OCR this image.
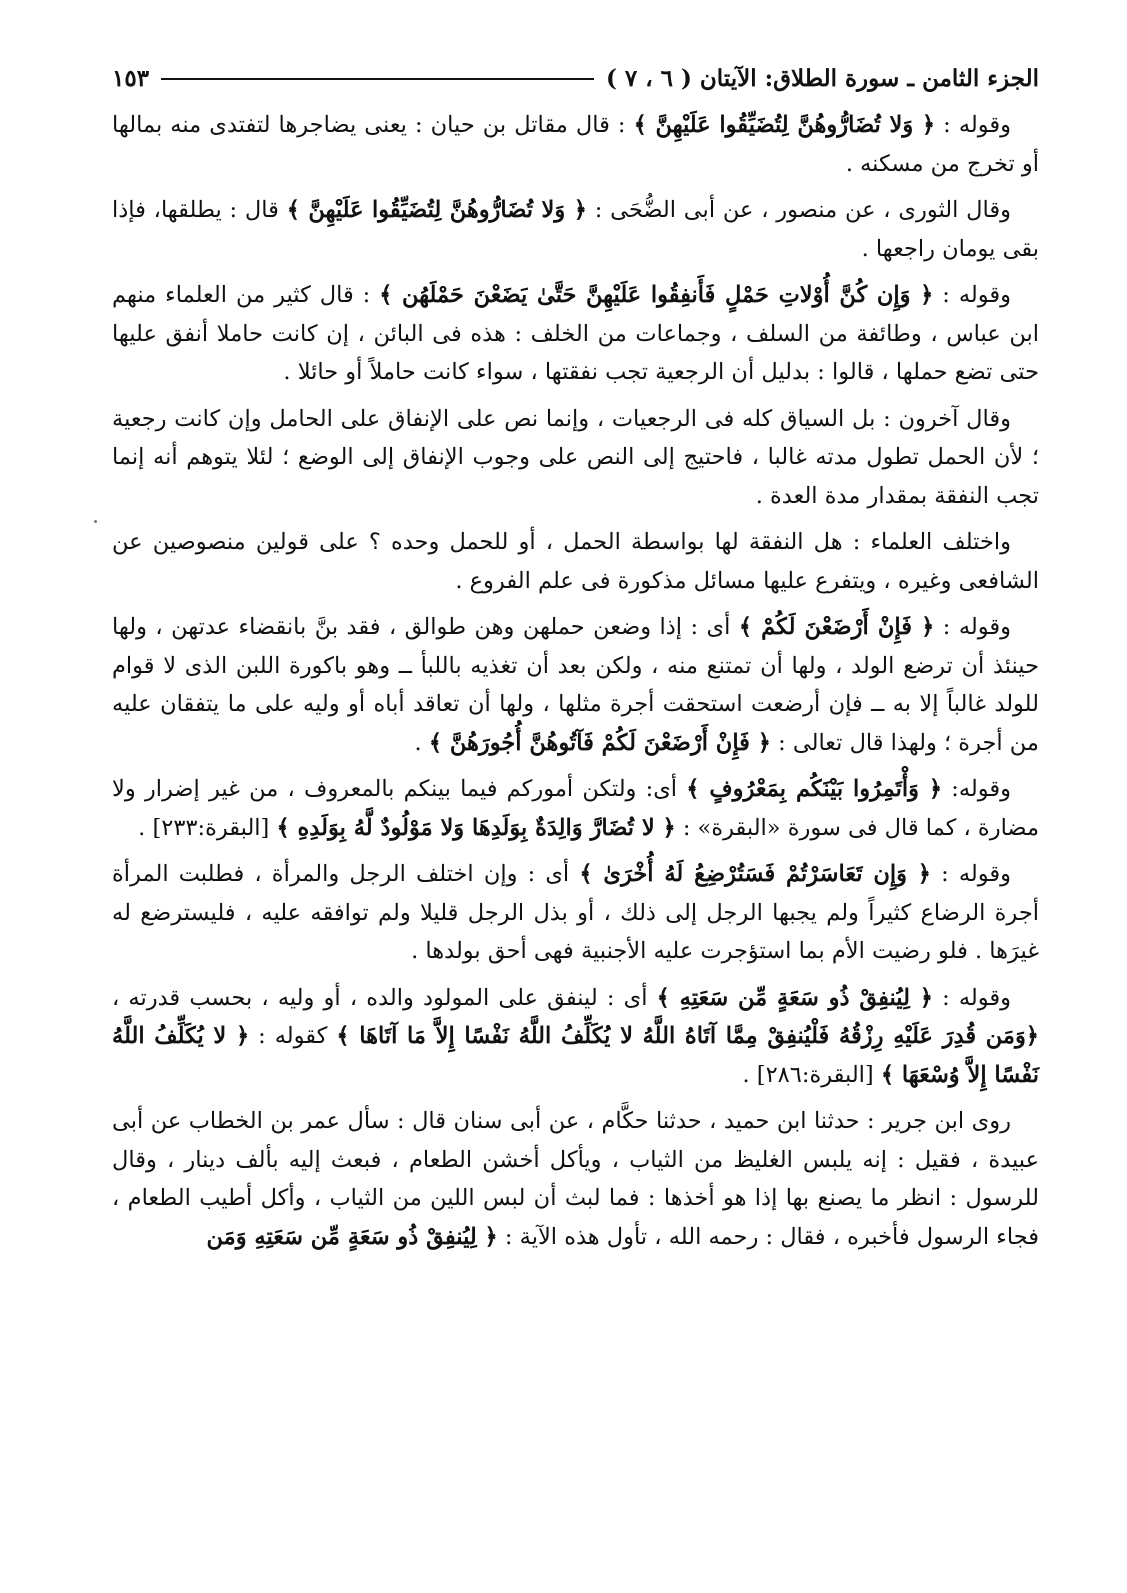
الجزء الثامن ـ سورة الطلاق: الآيتان ( ٦ ، ٧ )
١٥٣

وقوله : ﴿ وَلا تُضَارُّوهُنَّ لِتُضَيِّقُوا عَلَيْهِنَّ ﴾ : قال مقاتل بن حيان : يعنى يضاجرها لتفتدى منه بمالها أو تخرج من مسكنه .

وقال الثورى ، عن منصور ، عن أبى الضُّحَى : ﴿ وَلا تُضَارُّوهُنَّ لِتُضَيِّقُوا عَلَيْهِنَّ ﴾ قال : يطلقها، فإذا بقى يومان راجعها .

وقوله : ﴿ وَإِن كُنَّ أُوْلاتِ حَمْلٍ فَأَنفِقُوا عَلَيْهِنَّ حَتَّىٰ يَضَعْنَ حَمْلَهُن ﴾ : قال كثير من العلماء منهم ابن عباس ، وطائفة من السلف ، وجماعات من الخلف : هذه فى البائن ، إن كانت حاملا أنفق عليها حتى تضع حملها ، قالوا : بدليل أن الرجعية تجب نفقتها ، سواء كانت حاملاً أو حائلا .

وقال آخرون : بل السياق كله فى الرجعيات ، وإنما نص على الإنفاق على الحامل وإن كانت رجعية ؛ لأن الحمل تطول مدته غالبا ، فاحتيج إلى النص على وجوب الإنفاق إلى الوضع ؛ لئلا يتوهم أنه إنما تجب النفقة بمقدار مدة العدة .

واختلف العلماء : هل النفقة لها بواسطة الحمل ، أو للحمل وحده ؟ على قولين منصوصين عن الشافعى وغيره ، ويتفرع عليها مسائل مذكورة فى علم الفروع .

وقوله : ﴿ فَإِنْ أَرْضَعْنَ لَكُمْ ﴾ أى : إذا وضعن حملهن وهن طوالق ، فقد بنَّ بانقضاء عدتهن ، ولها حينئذ أن ترضع الولد ، ولها أن تمتنع منه ، ولكن بعد أن تغذيه باللبأ ــ وهو باكورة اللبن الذى لا قوام للولد غالباً إلا به ــ فإن أرضعت استحقت أجرة مثلها ، ولها أن تعاقد أباه أو وليه على ما يتفقان عليه من أجرة ؛ ولهذا قال تعالى : ﴿ فَإِنْ أَرْضَعْنَ لَكُمْ فَآتُوهُنَّ أُجُورَهُنَّ ﴾ .

وقوله: ﴿ وَأْتَمِرُوا بَيْنَكُم بِمَعْرُوفٍ ﴾ أى: ولتكن أموركم فيما بينكم بالمعروف ، من غير إضرار ولا مضارة ، كما قال فى سورة «البقرة» : ﴿ لا تُضَارَّ وَالِدَةٌ بِوَلَدِهَا وَلا مَوْلُودٌ لَّهُ بِوَلَدِهِ ﴾ [البقرة:٢٣٣] .

وقوله : ﴿ وَإِن تَعَاسَرْتُمْ فَسَتُرْضِعُ لَهُ أُخْرَىٰ ﴾ أى : وإن اختلف الرجل والمرأة ، فطلبت المرأة أجرة الرضاع كثيراً ولم يجبها الرجل إلى ذلك ، أو بذل الرجل قليلا ولم توافقه عليه ، فليسترضع له غيرَها . فلو رضيت الأم بما استؤجرت عليه الأجنبية فهى أحق بولدها .

وقوله : ﴿ لِيُنفِقْ ذُو سَعَةٍ مِّن سَعَتِهِ ﴾ أى : لينفق على المولود والده ، أو وليه ، بحسب قدرته ، ﴿وَمَن قُدِرَ عَلَيْهِ رِزْقُهُ فَلْيُنفِقْ مِمَّا آتَاهُ اللَّهُ لا يُكَلِّفُ اللَّهُ نَفْسًا إِلاَّ مَا آتَاهَا ﴾ كقوله : ﴿ لا يُكَلِّفُ اللَّهُ نَفْسًا إِلاَّ وُسْعَهَا ﴾ [البقرة:٢٨٦] .

روى ابن جرير : حدثنا ابن حميد ، حدثنا حكَّام ، عن أبى سنان قال : سأل عمر بن الخطاب عن أبى عبيدة ، فقيل : إنه يلبس الغليظ من الثياب ، ويأكل أخشن الطعام ، فبعث إليه بألف دينار ، وقال للرسول : انظر ما يصنع بها إذا هو أخذها : فما لبث أن لبس اللين من الثياب ، وأكل أطيب الطعام ، فجاء الرسول فأخبره ، فقال : رحمه الله ، تأول هذه الآية : ﴿ لِيُنفِقْ ذُو سَعَةٍ مِّن سَعَتِهِ وَمَن
